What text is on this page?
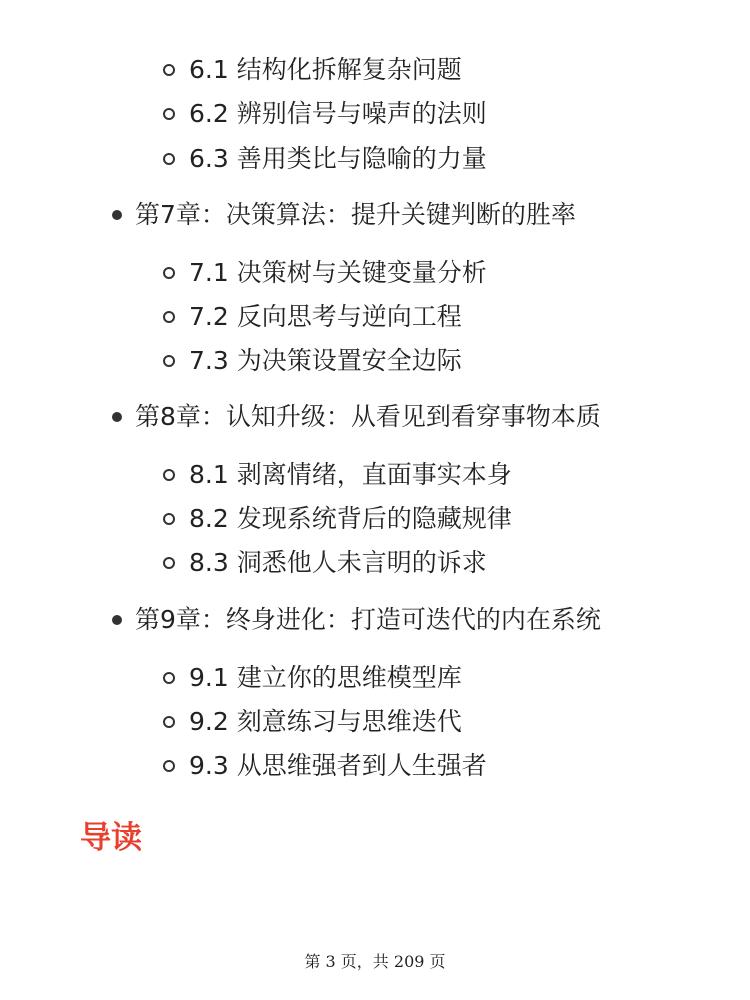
6.1 结构化拆解复杂问题
6.2 辨别信号与噪声的法则
6.3 善用类比与隐喻的力量
第7章：决策算法：提升关键判断的胜率
7.1 决策树与关键变量分析
7.2 反向思考与逆向工程
7.3 为决策设置安全边际
第8章：认知升级：从看见到看穿事物本质
8.1 剥离情绪，直面事实本身
8.2 发现系统背后的隐藏规律
8.3 洞悉他人未言明的诉求
第9章：终身进化：打造可迭代的内在系统
9.1 建立你的思维模型库
9.2 刻意练习与思维迭代
9.3 从思维强者到人生强者
导读
第 3 页，共 209 页
